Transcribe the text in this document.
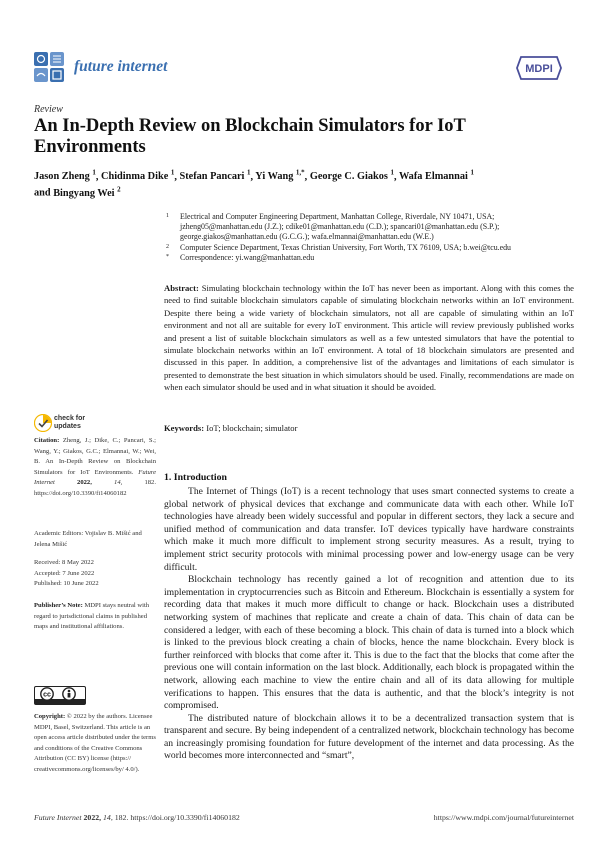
future internet	MDPI
Review
An In-Depth Review on Blockchain Simulators for IoT Environments
Jason Zheng $^1$, Chidinma Dike $^1$, Stefan Pancari $^1$, Yi Wang $^{1,*}$, George C. Giakos $^1$, Wafa Elmannai $^1$
and Bingyang Wei $^2$
1 Electrical and Computer Engineering Department, Manhattan College, Riverdale, NY 10471, USA; jzheng05@manhattan.edu (J.Z.); cdike01@manhattan.edu (C.D.); spancari01@manhattan.edu (S.P.); george.giakos@manhattan.edu (G.C.G.); wafa.elmannai@manhattan.edu (W.E.)
2 Computer Science Department, Texas Christian University, Fort Worth, TX 76109, USA; b.wei@tcu.edu
* Correspondence: yi.wang@manhattan.edu
Abstract: Simulating blockchain technology within the IoT has never been as important. Along with this comes the need to find suitable blockchain simulators capable of simulating blockchain networks within an IoT environment. Despite there being a wide variety of blockchain simulators, not all are capable of simulating within an IoT environment and not all are suitable for every IoT environment. This article will review previously published works and present a list of suitable blockchain simulators as well as a few untested simulators that have the potential to simulate blockchain networks within an IoT environment. A total of 18 blockchain simulators are presented and discussed in this paper. In addition, a comprehensive list of the advantages and limitations of each simulator is presented to demonstrate the best situation in which simulators should be used. Finally, recommendations are made on when each simulator should be used and in what situation it should be avoided.
Keywords: IoT; blockchain; simulator
check for
updates
Citation: Zheng, J.; Dike, C.; Pancari, S.; Wang, Y.; Giakos, G.C.; Elmannai, W.; Wei, B. An In-Depth Review on Blockchain Simulators for IoT Environments. Future Internet	2022,	14,	182. https://doi.org/10.3390/fi14060182
Academic Editors: Vojislav B. Mišić and Jelena Mišić
Received: 8 May 2022
Accepted: 7 June 2022
Published: 10 June 2022
Publisher’s Note: MDPI stays neutral with regard to jurisdictional claims in published maps and institutional affiliations.
cc
Copyright: © 2022 by the authors. Licensee MDPI, Basel, Switzerland. This article is an open access article distributed under the terms and conditions of the Creative Commons Attribution (CC BY) license (https:// creativecommons.org/licenses/by/ 4.0/).
1. Introduction

The Internet of Things (IoT) is a recent technology that uses smart connected systems to create a global network of physical devices that exchange and communicate data with each other. While IoT technologies have already been widely successful and popular in different sectors, they lack a secure and unified method of communication and data transfer. IoT devices typically have hardware constraints which make it much more difficult to implement strong security measures. As a result, trying to implement strict security protocols with minimal processing power and low-energy usage can be very difficult.

Blockchain technology has recently gained a lot of recognition and attention due to its implementation in cryptocurrencies such as Bitcoin and Ethereum. Blockchain is essentially a system for recording data that makes it much more difficult to change or hack. Blockchain uses a distributed networking system of machines that replicate and create a chain of data. This chain of data can be considered a ledger, with each of these becoming a block. This chain of data is turned into a block which is linked to the previous block creating a chain of blocks, hence the name blockchain. Every block is further reinforced with blocks that come after it. This is due to the fact that the blocks that come after the previous one will contain information on the last block. Additionally, each block is propagated within the network, allowing each machine to view the entire chain and all of its data allowing for multiple verifications to happen. This ensures that the data is authentic, and that the block’s integrity is not compromised.

The distributed nature of blockchain allows it to be a decentralized transaction system that is transparent and secure. By being independent of a centralized network, blockchain technology has become an increasingly promising foundation for future development of the internet and data processing. As the world becomes more interconnected and “smart”,

Future Internet 2022, 14, 182. https://doi.org/10.3390/fi14060182	https://www.mdpi.com/journal/futureinternet
